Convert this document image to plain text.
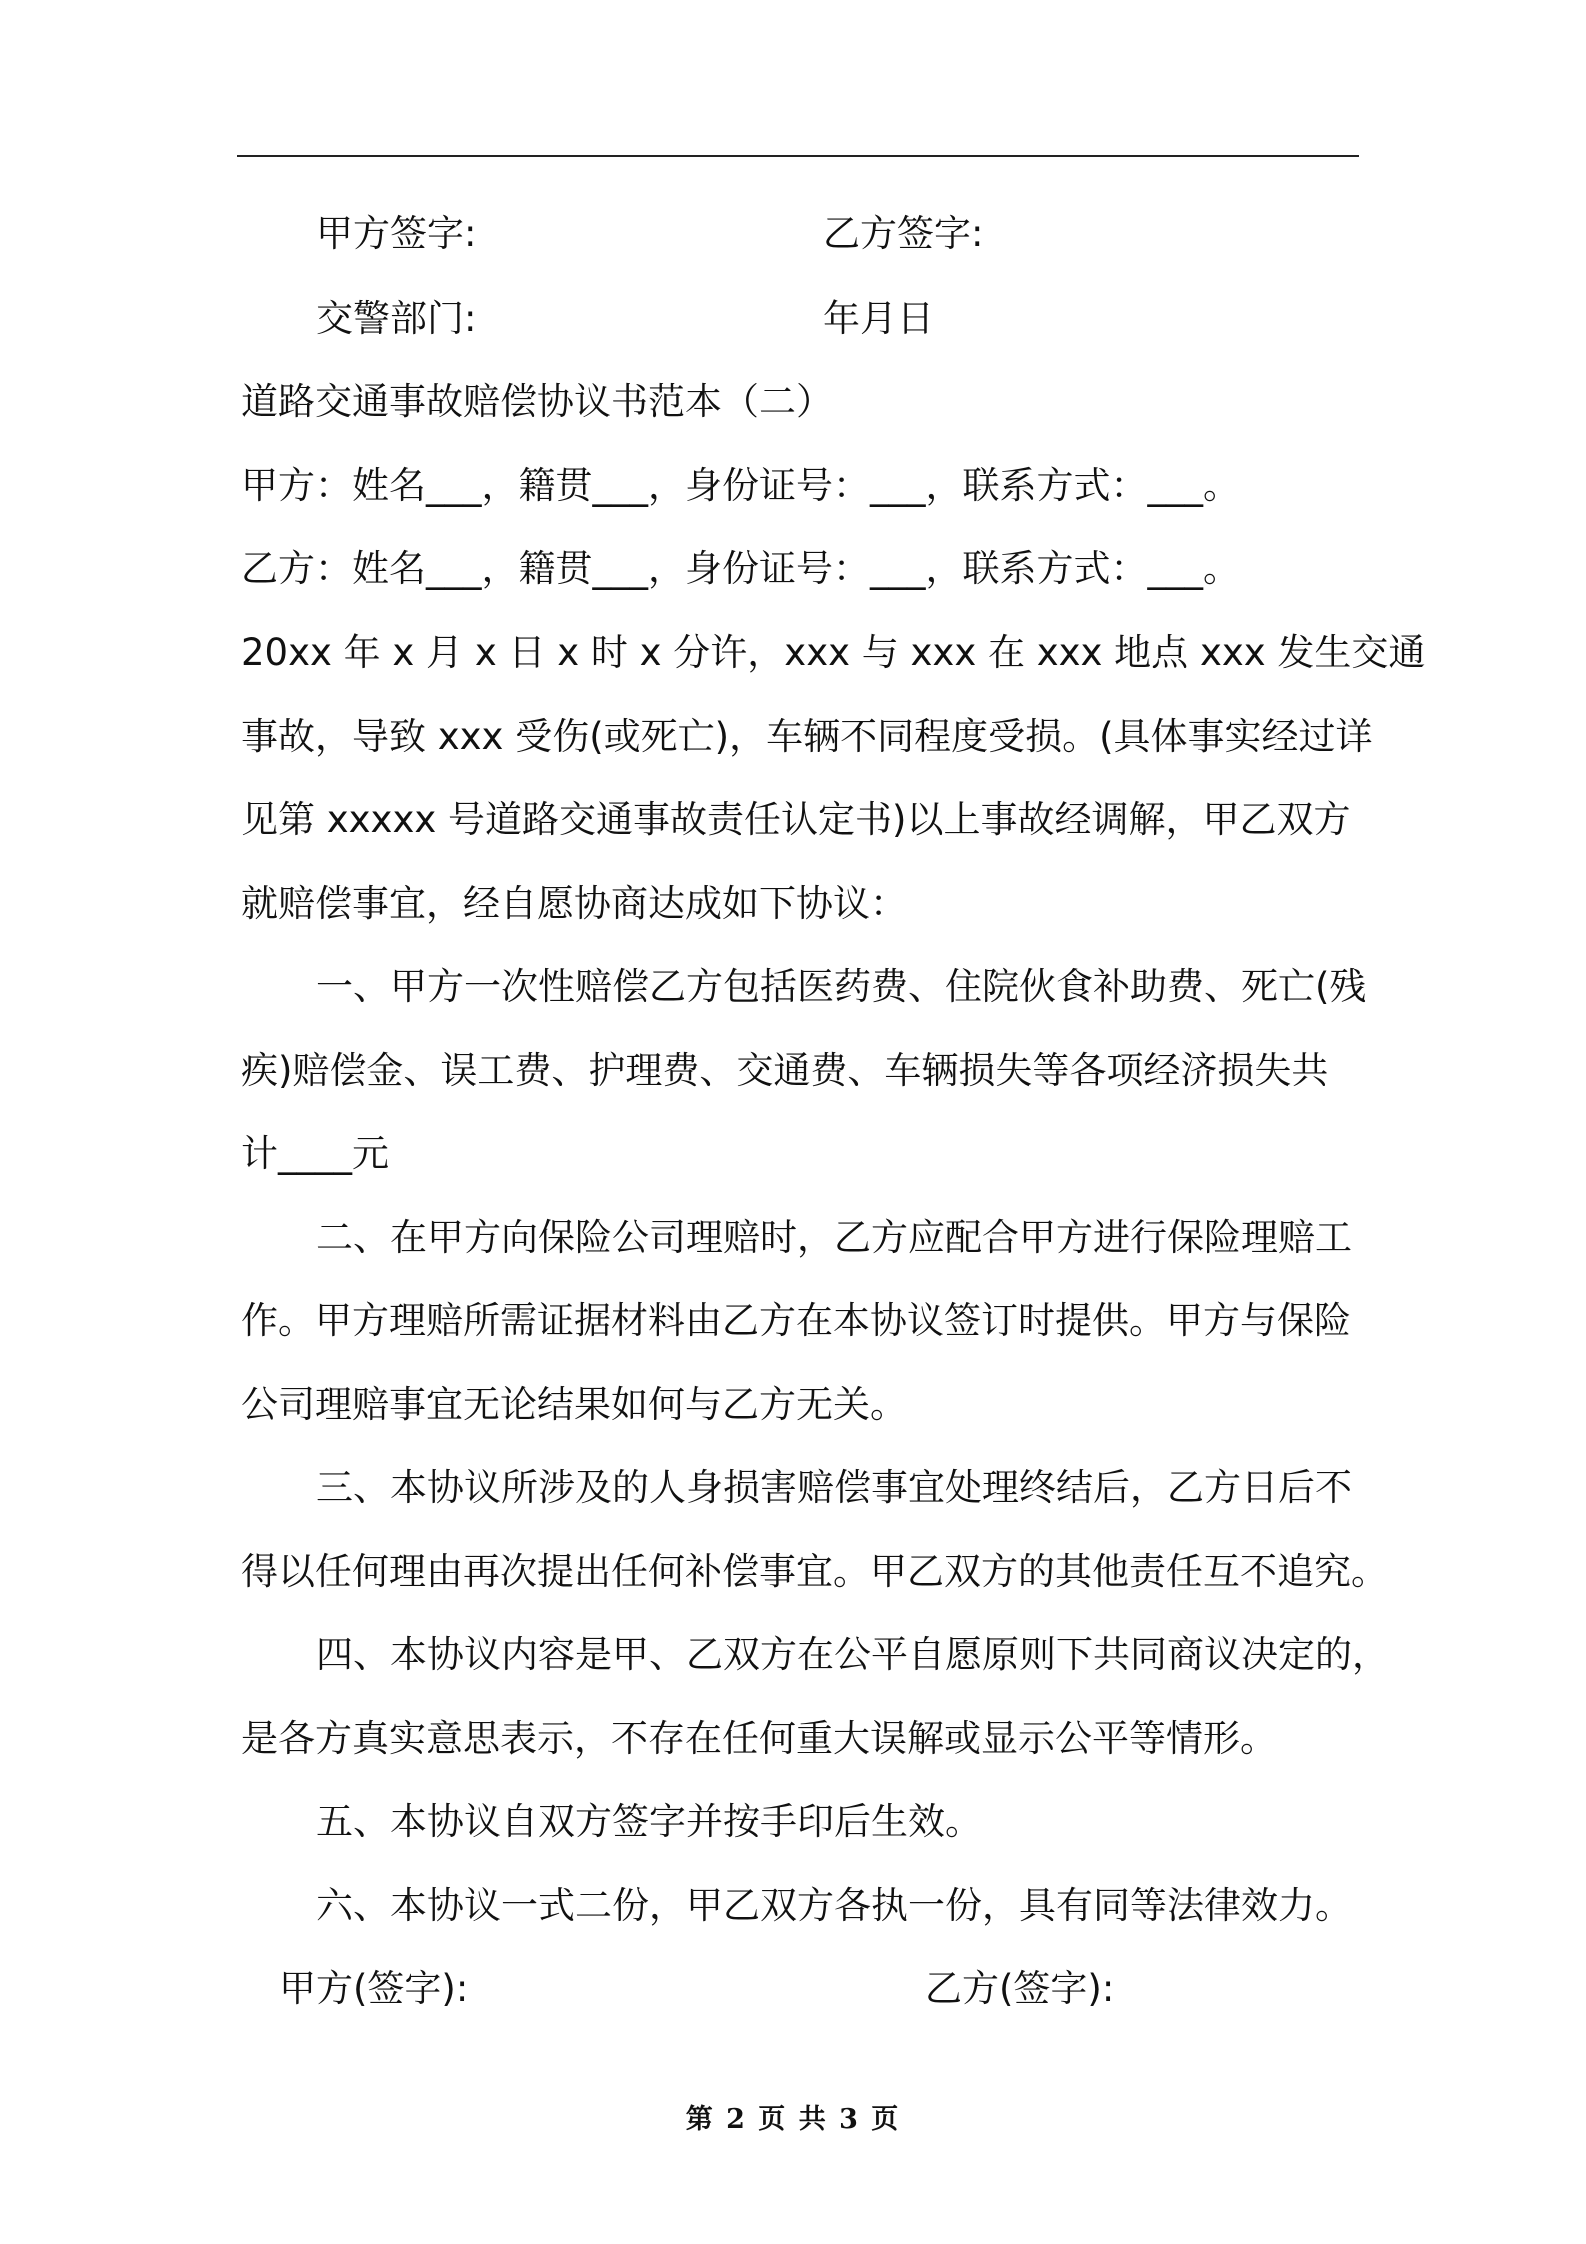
甲方签字:	乙方签字:
交警部门:	年月日
道路交通事故赔偿协议书范本（二）
甲方：姓名___，籍贯___，身份证号：___，联系方式：___。
乙方：姓名___，籍贯___，身份证号：___，联系方式：___。
20xx 年 x 月 x 日 x 时 x 分许，xxx 与 xxx 在 xxx 地点 xxx 发生交通
事故，导致 xxx 受伤(或死亡)，车辆不同程度受损。(具体事实经过详
见第 xxxxx 号道路交通事故责任认定书)以上事故经调解，甲乙双方
就赔偿事宜，经自愿协商达成如下协议：
一、甲方一次性赔偿乙方包括医药费、住院伙食补助费、死亡(残
疾)赔偿金、误工费、护理费、交通费、车辆损失等各项经济损失共
计____元
二、在甲方向保险公司理赔时，乙方应配合甲方进行保险理赔工
作。甲方理赔所需证据材料由乙方在本协议签订时提供。甲方与保险
公司理赔事宜无论结果如何与乙方无关。
三、本协议所涉及的人身损害赔偿事宜处理终结后，乙方日后不
得以任何理由再次提出任何补偿事宜。甲乙双方的其他责任互不追究。
四、本协议内容是甲、乙双方在公平自愿原则下共同商议决定的，
是各方真实意思表示，不存在任何重大误解或显示公平等情形。
五、本协议自双方签字并按手印后生效。
六、本协议一式二份，甲乙双方各执一份，具有同等法律效力。
甲方(签字):	乙方(签字):
第 2 页 共 3 页
